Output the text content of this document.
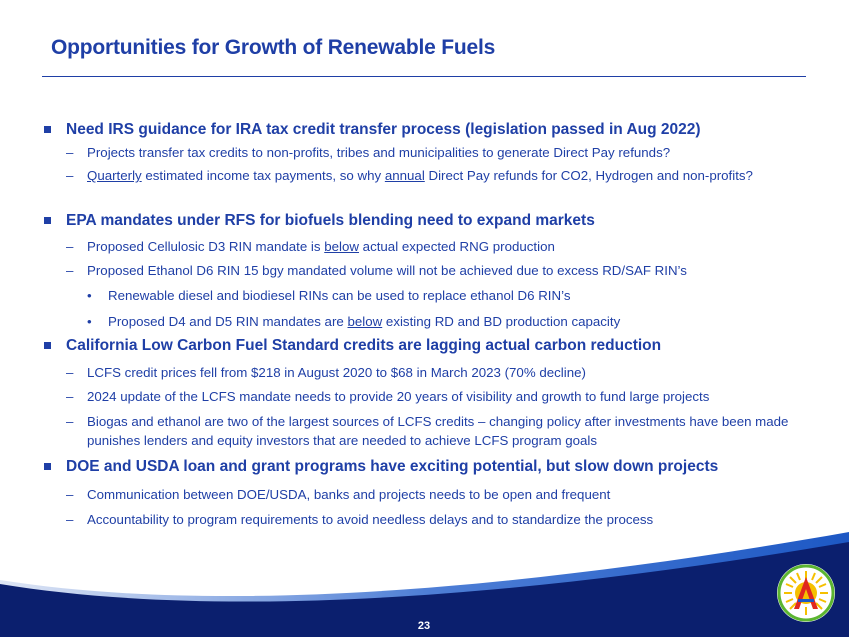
Opportunities for Growth of Renewable Fuels
Need IRS guidance for IRA tax credit transfer process (legislation passed in Aug 2022)
– Projects transfer tax credits to non-profits, tribes and municipalities to generate Direct Pay refunds?
– Quarterly estimated income tax payments, so why annual Direct Pay refunds for CO2, Hydrogen and non-profits?
EPA mandates under RFS for biofuels blending need to expand markets
– Proposed Cellulosic D3 RIN mandate is below actual expected RNG production
– Proposed Ethanol D6 RIN 15 bgy mandated volume will not be achieved due to excess RD/SAF RIN’s
• Renewable diesel and biodiesel RINs can be used to replace ethanol D6 RIN’s
• Proposed D4 and D5 RIN mandates are below existing RD and BD production capacity
California Low Carbon Fuel Standard credits are lagging actual carbon reduction
– LCFS credit prices fell from $218 in August 2020 to $68 in March 2023 (70% decline)
– 2024 update of the LCFS mandate needs to provide 20 years of visibility and growth to fund large projects
– Biogas and ethanol are two of the largest sources of LCFS credits – changing policy after investments have been made punishes lenders and equity investors that are needed to achieve LCFS program goals
DOE and USDA loan and grant programs have exciting potential, but slow down projects
– Communication between DOE/USDA, banks and projects needs to be open and frequent
– Accountability to program requirements to avoid needless delays and to standardize the process
23
